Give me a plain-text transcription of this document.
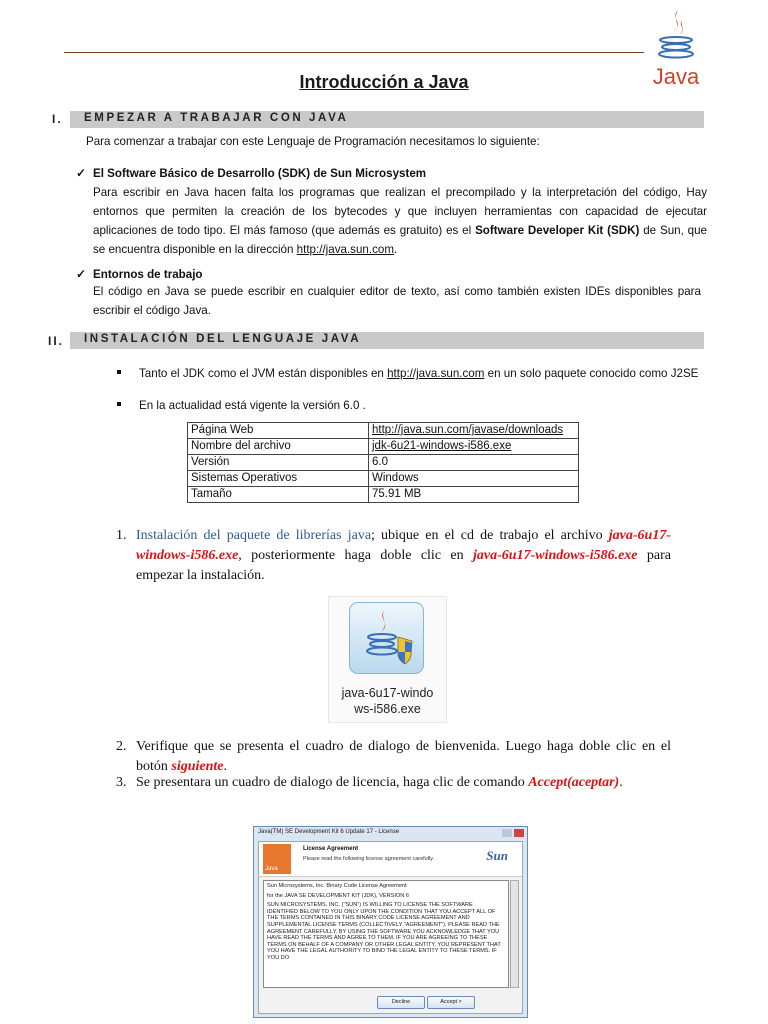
Introducción a Java	Java
I. EMPEZAR A TRABAJAR CON JAVA
Para comenzar a trabajar con este Lenguaje de Programación necesitamos lo siguiente:
✓ El Software Básico de Desarrollo (SDK) de Sun Microsystem
Para escribir en Java hacen falta los programas que realizan el precompilado y la interpretación del código, Hay entornos que permiten la creación de los bytecodes y que incluyen herramientas con capacidad de ejecutar aplicaciones de todo tipo. El más famoso (que además es gratuito) es el Software Developer Kit (SDK) de Sun, que se encuentra disponible en la dirección http://java.sun.com.
✓ Entornos de trabajo
El código en Java se puede escribir en cualquier editor de texto, así como también existen IDEs disponibles para escribir el código Java.
II. INSTALACIÓN DEL LENGUAJE JAVA
Tanto el JDK como el JVM están disponibles en http://java.sun.com en un solo paquete conocido como J2SE
En la actualidad está vigente la versión 6.0 .
Página Web	http://java.sun.com/javase/downloads
Nombre del archivo	jdk-6u21-windows-i586.exe
Versión	6.0
Sistemas Operativos	Windows
Tamaño	75.91 MB
1. Instalación del paquete de librerías java; ubique en el cd de trabajo el archivo java-6u17-windows-i586.exe, posteriormente haga doble clic en java-6u17-windows-i586.exe para empezar la instalación.
java-6u17-windo
ws-i586.exe
2. Verifique que se presenta el cuadro de dialogo de bienvenida. Luego haga doble clic en el botón siguiente.
3. Se presentara un cuadro de dialogo de licencia, haga clic de comando Accept(aceptar).
Java(TM) SE Development Kit 6 Update 17 - License
Java
License Agreement
Please read the following license agreement carefully.	Sun
Sun Microsystems, Inc. Binary Code License Agreement
for the JAVA SE DEVELOPMENT KIT (JDK), VERSION 6
SUN MICROSYSTEMS, INC. ("SUN") IS WILLING TO LICENSE THE SOFTWARE IDENTIFIED BELOW TO YOU ONLY UPON THE CONDITION THAT YOU ACCEPT ALL OF THE TERMS CONTAINED IN THIS BINARY CODE LICENSE AGREEMENT AND SUPPLEMENTAL LICENSE TERMS (COLLECTIVELY "AGREEMENT"). PLEASE READ THE AGREEMENT CAREFULLY. BY USING THE SOFTWARE YOU ACKNOWLEDGE THAT YOU HAVE READ THE TERMS AND AGREE TO THEM. IF YOU ARE AGREEING TO THESE TERMS ON BEHALF OF A COMPANY OR OTHER LEGAL ENTITY, YOU REPRESENT THAT YOU HAVE THE LEGAL AUTHORITY TO BIND THE LEGAL ENTITY TO THESE TERMS. IF YOU DO
Decline	Accept >
